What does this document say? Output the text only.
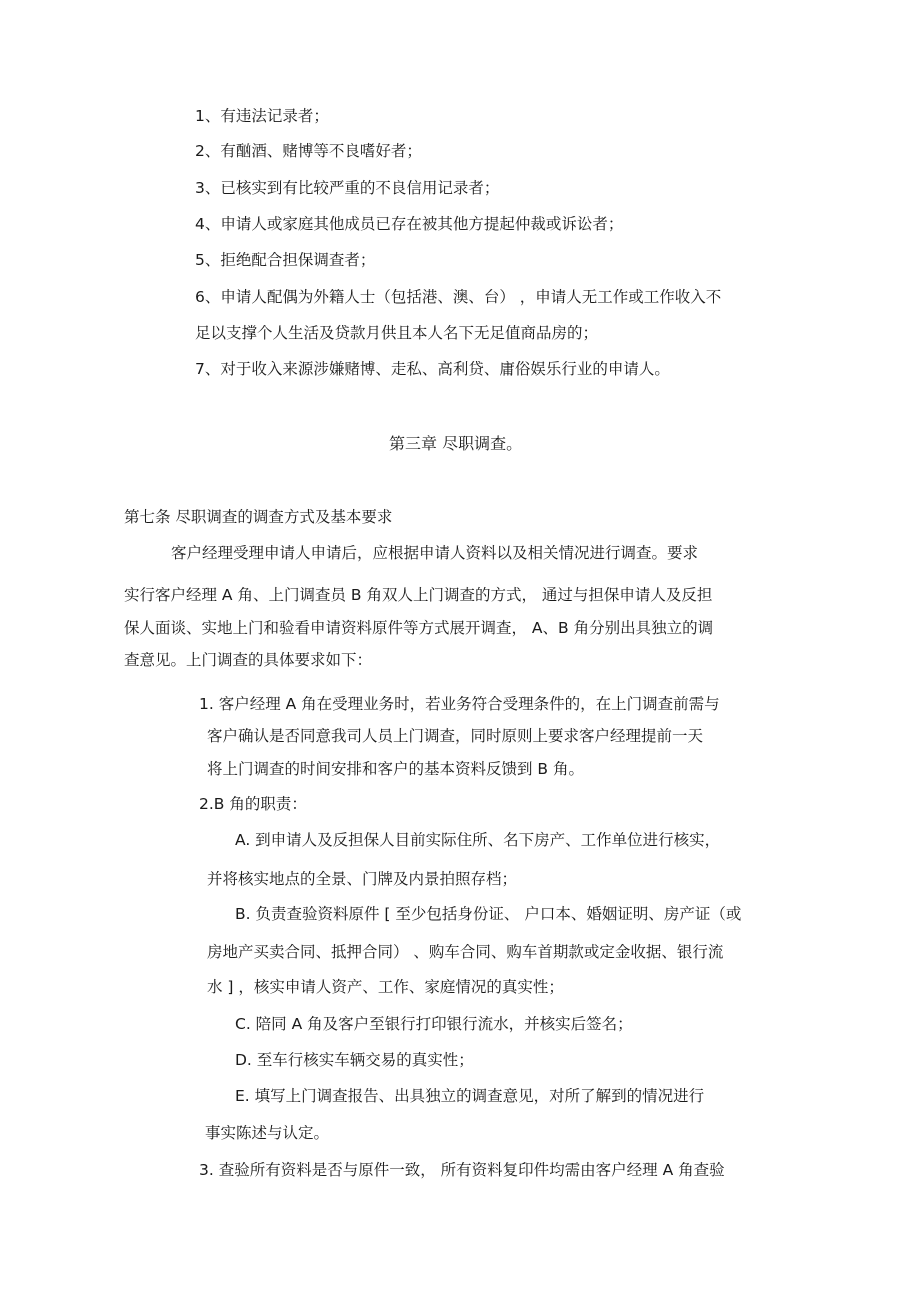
1、有违法记录者；

2、有酗酒、赌博等不良嗜好者；

3、已核实到有比较严重的不良信用记录者；

4、申请人或家庭其他成员已存在被其他方提起仲裁或诉讼者；

5、拒绝配合担保调查者；

6、申请人配偶为外籍人士（包括港、澳、台） ，申请人无工作或工作收入不

足以支撑个人生活及贷款月供且本人名下无足值商品房的；

7、对于收入来源涉嫌赌博、走私、高利贷、庸俗娱乐行业的申请人。

第三章 尽职调查。

第七条 尽职调查的调查方式及基本要求

客户经理受理申请人申请后，应根据申请人资料以及相关情况进行调查。要求

实行客户经理 A 角、上门调查员 B 角双人上门调查的方式， 通过与担保申请人及反担

保人面谈、实地上门和验看申请资料原件等方式展开调查， A、B 角分别出具独立的调

查意见。上门调查的具体要求如下：

1. 客户经理 A 角在受理业务时，若业务符合受理条件的，在上门调查前需与

客户确认是否同意我司人员上门调查，同时原则上要求客户经理提前一天

将上门调查的时间安排和客户的基本资料反馈到 B 角。

2.B 角的职责：

A. 到申请人及反担保人目前实际住所、名下房产、工作单位进行核实，

并将核实地点的全景、门牌及内景拍照存档；

B. 负责查验资料原件 [ 至少包括身份证、 户口本、婚姻证明、房产证（或

房地产买卖合同、抵押合同） 、购车合同、购车首期款或定金收据、银行流

水 ] ，核实申请人资产、工作、家庭情况的真实性；

C. 陪同 A 角及客户至银行打印银行流水，并核实后签名；

D. 至车行核实车辆交易的真实性；

E. 填写上门调查报告、出具独立的调查意见，对所了解到的情况进行

事实陈述与认定。

3. 查验所有资料是否与原件一致， 所有资料复印件均需由客户经理 A 角查验
